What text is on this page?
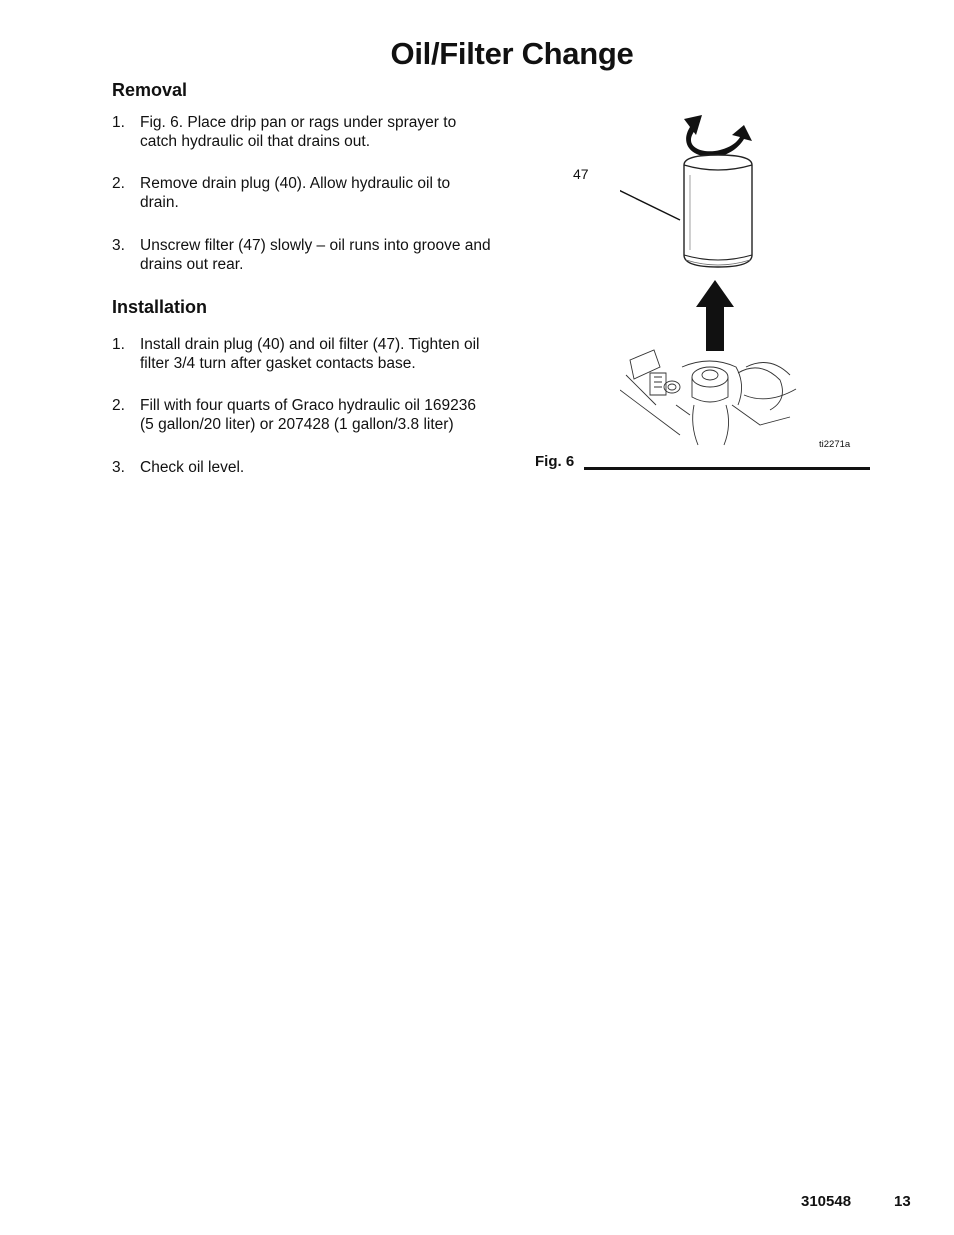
Oil/Filter Change
Removal
1. Fig. 6. Place drip pan or rags under sprayer to catch hydraulic oil that drains out.
2. Remove drain plug (40). Allow hydraulic oil to drain.
3. Unscrew filter (47) slowly – oil runs into groove and drains out rear.
Installation
1. Install drain plug (40) and oil filter (47). Tighten oil filter 3/4 turn after gasket contacts base.
2. Fill with four quarts of Graco hydraulic oil 169236 (5 gallon/20 liter) or 207428 (1 gallon/3.8 liter)
3. Check oil level.
47
ti2271a
Fig. 6
310548	13
